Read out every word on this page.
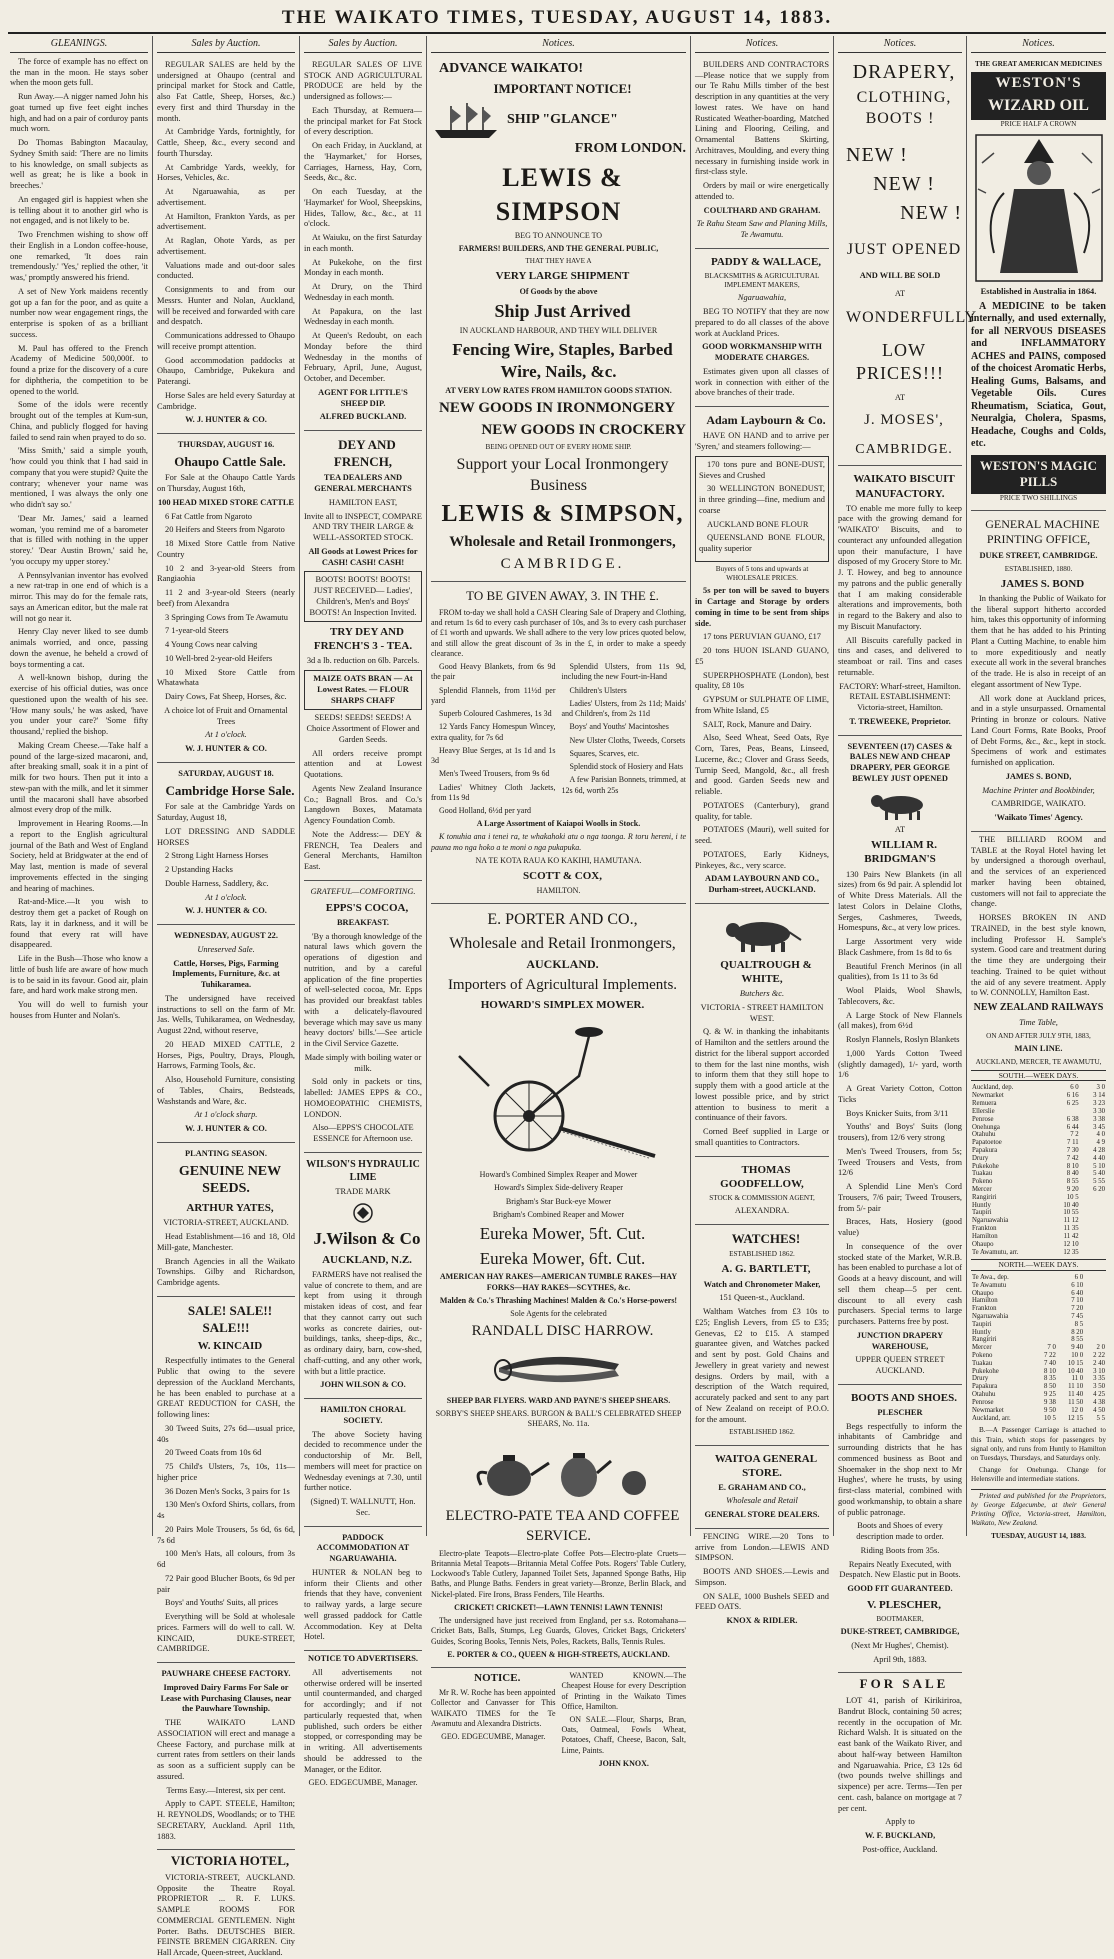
THE WAIKATO TIMES, TUESDAY, AUGUST 14, 1883.
GLEANINGS.

The force of example has no effect on the man in the moon. He stays sober when the moon gets full.

Run Away.—A nigger named John his goat turned up five feet eight inches high, and had on a pair of corduroy pants much worn.

Do Thomas Babington Macaulay, Sydney Smith said: 'There are no limits to his knowledge, on small subjects as well as great; he is like a book in breeches.'

An engaged girl is happiest when she is telling about it to another girl who is not engaged, and is not likely to be.

Two Frenchmen wishing to show off their English in a London coffee-house, one remarked, 'It does rain tremendously.' 'Yes,' replied the other, 'it was,' promptly answered his friend.

A set of New York maidens recently got up a fan for the poor, and as quite a number now wear engagement rings, the enterprise is spoken of as a brilliant success.

M. Paul has offered to the French Academy of Medicine 500,000f. to found a prize for the discovery of a cure for diphtheria, the competition to be opened to the world.

Some of the idols were recently brought out of the temples at Kum-sun, China, and publicly flogged for having failed to send rain when prayed to do so.

'Miss Smith,' said a simple youth, 'how could you think that I had said in company that you were stupid? Quite the contrary; whenever your name was mentioned, I was always the only one who didn't say so.'

'Dear Mr. James,' said a learned woman, 'you remind me of a barometer that is filled with nothing in the upper storey.' 'Dear Austin Brown,' said he, 'you occupy my upper storey.'

A Pennsylvanian inventor has evolved a new rat-trap in one end of which is a mirror. This may do for the female rats, says an American editor, but the male rat will not go near it.

Henry Clay never liked to see dumb animals worried, and once, passing down the avenue, he beheld a crowd of boys tormenting a cat.

A well-known bishop, during the exercise of his official duties, was once questioned upon the wealth of his see. 'How many souls,' he was asked, 'have you under your care?' 'Some fifty thousand,' replied the bishop.

Making Cream Cheese.—Take half a pound of the large-sized macaroni, and, after breaking small, soak it in a pint of milk for two hours. Then put it into a stew-pan with the milk, and let it simmer until the macaroni shall have absorbed almost every drop of the milk.

Improvement in Hearing Rooms.—In a report to the English agricultural journal of the Bath and West of England Society, held at Bridgwater at the end of May last, mention is made of several improvements effected in the singing and hearing of machines.

Rat-and-Mice.—It you wish to destroy them get a packet of Rough on Rats, lay it in darkness, and it will be found that every rat will have disappeared.

Life in the Bush—Those who know a little of bush life are aware of how much is to be said in its favour. Good air, plain fare, and hard work make strong men.

You will do well to furnish your houses from Hunter and Nolan's.

Sales by Auction.

REGULAR SALES are held by the undersigned at Ohaupo (central and principal market for Stock and Cattle, also Fat Cattle, Sheep, Horses, &c.) every first and third Thursday in the month.

At Cambridge Yards, fortnightly, for Cattle, Sheep, &c., every second and fourth Thursday.

At Cambridge Yards, weekly, for Horses, Vehicles, &c.

At Ngaruawahia, as per advertisement.

At Hamilton, Frankton Yards, as per advertisement.

At Raglan, Ohote Yards, as per advertisement.

Valuations made and out-door sales conducted.

Consignments to and from our Messrs. Hunter and Nolan, Auckland, will be received and forwarded with care and despatch.

Communications addressed to Ohaupo will receive prompt attention.

Good accommodation paddocks at Ohaupo, Cambridge, Pukekura and Paterangi.

Horse Sales are held every Saturday at Cambridge.

W. J. HUNTER & CO.

THURSDAY, AUGUST 16.

Ohaupo Cattle Sale.

For Sale at the Ohaupo Cattle Yards on Thursday, August 16th,

100 HEAD MIXED STORE CATTLE

6 Fat Cattle from Ngaroto

20 Heifers and Steers from Ngaroto

18 Mixed Store Cattle from Native Country

10 2 and 3-year-old Steers from Rangiaohia

11 2 and 3-year-old Steers (nearly beef) from Alexandra

3 Springing Cows from Te Awamutu

7 1-year-old Steers

4 Young Cows near calving

10 Well-bred 2-year-old Heifers

10 Mixed Store Cattle from Whatawhata

Dairy Cows, Fat Sheep, Horses, &c.

A choice lot of Fruit and Ornamental Trees

At 1 o'clock.

W. J. HUNTER & CO.

SATURDAY, AUGUST 18.

Cambridge Horse Sale.

For sale at the Cambridge Yards on Saturday, August 18,

LOT DRESSING AND SADDLE HORSES

2 Strong Light Harness Horses

2 Upstanding Hacks

Double Harness, Saddlery, &c.

At 1 o'clock.

W. J. HUNTER & CO.

WEDNESDAY, AUGUST 22.

Unreserved Sale.

Cattle, Horses, Pigs, Farming Implements, Furniture, &c. at Tuhikaramea.

The undersigned have received instructions to sell on the farm of Mr. Jas. Wells, Tuhikaramea, on Wednesday, August 22nd, without reserve,

20 HEAD MIXED CATTLE, 2 Horses, Pigs, Poultry, Drays, Plough, Harrows, Farming Tools, &c.

Also, Household Furniture, consisting of Tables, Chairs, Bedsteads, Washstands and Ware, &c.

At 1 o'clock sharp.

W. J. HUNTER & CO.

PLANTING SEASON.

GENUINE NEW SEEDS.

ARTHUR YATES,

VICTORIA-STREET, AUCKLAND.

Head Establishment—16 and 18, Old Mill-gate, Manchester.

Branch Agencies in all the Waikato Townships. Gilby and Richardson, Cambridge agents.

SALE! SALE!! SALE!!!

W. KINCAID

Respectfully intimates to the General Public that owing to the severe depression of the Auckland Merchants, he has been enabled to purchase at a GREAT REDUCTION for CASH, the following lines:

30 Tweed Suits, 27s 6d—usual price, 40s

20 Tweed Coats from 10s 6d

75 Child's Ulsters, 7s, 10s, 11s—higher price

36 Dozen Men's Socks, 3 pairs for 1s

130 Men's Oxford Shirts, collars, from 4s

20 Pairs Mole Trousers, 5s 6d, 6s 6d, 7s 6d

100 Men's Hats, all colours, from 3s 6d

72 Pair good Blucher Boots, 6s 9d per pair

Boys' and Youths' Suits, all prices

Everything will be Sold at wholesale prices. Farmers will do well to call. W. KINCAID, DUKE-STREET, CAMBRIDGE.

PAUWHARE CHEESE FACTORY.

Improved Dairy Farms For Sale or Lease with Purchasing Clauses, near the Pauwhare Township.

THE WAIKATO LAND ASSOCIATION will erect and manage a Cheese Factory, and purchase milk at current rates from settlers on their lands as soon as a sufficient supply can be assured.

Terms Easy.—Interest, six per cent.

Apply to CAPT. STEELE, Hamilton; H. REYNOLDS, Woodlands; or to THE SECRETARY, Auckland. April 11th, 1883.

VICTORIA HOTEL,

VICTORIA-STREET, AUCKLAND. Opposite the Theatre Royal. PROPRIETOR ... R. F. LUKS. SAMPLE ROOMS FOR COMMERCIAL GENTLEMEN. Night Porter. Baths. DEUTSCHES BIER. FEINSTE BREMEN CIGARREN. City Hall Arcade, Queen-street, Auckland.

Sales by Auction.

REGULAR SALES OF LIVE STOCK AND AGRICULTURAL PRODUCE are held by the undersigned as follows:—

Each Thursday, at Remuera—the principal market for Fat Stock of every description.

On each Friday, in Auckland, at the 'Haymarket,' for Horses, Carriages, Harness, Hay, Corn, Seeds, &c., &c.

On each Tuesday, at the 'Haymarket' for Wool, Sheepskins, Hides, Tallow, &c., &c., at 11 o'clock.

At Waiuku, on the first Saturday in each month.

At Pukekohe, on the first Monday in each month.

At Drury, on the Third Wednesday in each month.

At Papakura, on the last Wednesday in each month.

At Queen's Redoubt, on each Monday before the third Wednesday in the months of February, April, June, August, October, and December.

AGENT FOR LITTLE'S SHEEP DIP.

ALFRED BUCKLAND.

DEY AND FRENCH,

TEA DEALERS AND GENERAL MERCHANTS

HAMILTON EAST,

Invite all to INSPECT, COMPARE AND TRY THEIR LARGE & WELL-ASSORTED STOCK.

All Goods at Lowest Prices for CASH! CASH! CASH!

BOOTS! BOOTS! BOOTS! JUST RECEIVED— Ladies', Children's, Men's and Boys' BOOTS! An Inspection Invited.

TRY DEY AND FRENCH'S 3 - TEA.

3d a lb. reduction on 6lb. Parcels.

MAIZE OATS BRAN — At Lowest Rates. — FLOUR SHARPS CHAFF

SEEDS! SEEDS! SEEDS! A Choice Assortment of Flower and Garden Seeds.

All orders receive prompt attention and at Lowest Quotations.

Agents New Zealand Insurance Co.; Bagnall Bros. and Co.'s Langdown Boxes, Matamata Agency Foundation Comb.

Note the Address:— DEY & FRENCH, Tea Dealers and General Merchants, Hamilton East.

GRATEFUL—COMFORTING.

EPPS'S COCOA,

BREAKFAST.

'By a thorough knowledge of the natural laws which govern the operations of digestion and nutrition, and by a careful application of the fine properties of well-selected cocoa, Mr. Epps has provided our breakfast tables with a delicately-flavoured beverage which may save us many heavy doctors' bills.'—See article in the Civil Service Gazette.

Made simply with boiling water or milk.

Sold only in packets or tins, labelled: JAMES EPPS & CO., HOMOEOPATHIC CHEMISTS, LONDON.

Also—EPPS'S CHOCOLATE ESSENCE for Afternoon use.

WILSON'S HYDRAULIC LIME

TRADE MARK

J.Wilson & Co

AUCKLAND, N.Z.

FARMERS have not realised the value of concrete to them, and are kept from using it through mistaken ideas of cost, and fear that they cannot carry out such works as concrete dairies, out-buildings, tanks, sheep-dips, &c., as ordinary dairy, barn, cow-shed, chaff-cutting, and any other work, with but a little practice.

JOHN WILSON & CO.

HAMILTON CHORAL SOCIETY.

The above Society having decided to recommence under the conductorship of Mr. Bell, members will meet for practice on Wednesday evenings at 7.30, until further notice.

(Signed) T. WALLNUTT, Hon. Sec.

PADDOCK ACCOMMODATION AT NGARUAWAHIA.

HUNTER & NOLAN beg to inform their Clients and other friends that they have, convenient to railway yards, a large secure well grassed paddock for Cattle Accommodation. Key at Delta Hotel.

NOTICE TO ADVERTISERS.

All advertisements not otherwise ordered will be inserted until countermanded, and charged for accordingly; and if not particularly requested that, when published, such orders be either stopped, or corresponding may be in writing. All advertisements should be addressed to the Manager, or the Editor.

GEO. EDGECUMBE, Manager.

Notices.

ADVANCE WAIKATO!

IMPORTANT NOTICE!

SHIP "GLANCE"

FROM LONDON.

LEWIS & SIMPSON

BEG TO ANNOUNCE TO

FARMERS! BUILDERS, AND THE GENERAL PUBLIC,

THAT THEY HAVE A

VERY LARGE SHIPMENT

Of Goods by the above

Ship Just Arrived

IN AUCKLAND HARBOUR, AND THEY WILL DELIVER

Fencing Wire, Staples, Barbed Wire, Nails, &c.

AT VERY LOW RATES FROM HAMILTON GOODS STATION.

NEW GOODS IN IRONMONGERY

NEW GOODS IN CROCKERY

BEING OPENED OUT OF EVERY HOME SHIP.

Support your Local Ironmongery Business

LEWIS & SIMPSON,

Wholesale and Retail Ironmongers,

CAMBRIDGE.

TO BE GIVEN AWAY, 3. IN THE £.

FROM to-day we shall hold a CASH Clearing Sale of Drapery and Clothing, and return 1s 6d to every cash purchaser of 10s, and 3s to every cash purchaser of £1 worth and upwards. We shall adhere to the very low prices quoted below, and still allow the great discount of 3s in the £, in order to make a speedy clearance.

Good Heavy Blankets, from 6s 9d the pair

Splendid Flannels, from 11½d per yard

Superb Coloured Cashmeres, 1s 3d

12 Yards Fancy Homespun Wincey, extra quality, for 7s 6d

Heavy Blue Serges, at 1s 1d and 1s 3d

Men's Tweed Trousers, from 9s 6d

Ladies' Whitney Cloth Jackets, from 11s 9d

Good Holland, 6½d per yard

Splendid Ulsters, from 11s 9d, including the new Fourt-in-Hand

Children's Ulsters

Ladies' Ulsters, from 2s 11d; Maids' and Children's, from 2s 11d

Boys' and Youths' Macintoshes

New Ulster Cloths, Tweeds, Corsets

Squares, Scarves, etc.

Splendid stock of Hosiery and Hats

A few Parisian Bonnets, trimmed, at 12s 6d, worth 25s

A Large Assortment of Kaiapoi Woolls in Stock.

K tonuhia ana i tenei ra, te whakahoki atu o nga taonga. R toru hereni, i te pauna mo nga hoko a te moni o nga pukapuka.

NA TE KOTA RAUA KO KAKIHI, HAMUTANA.

SCOTT & COX,

HAMILTON.

E. PORTER AND CO.,

Wholesale and Retail Ironmongers,

AUCKLAND.

Importers of Agricultural Implements.

HOWARD'S SIMPLEX MOWER.

Howard's Combined Simplex Reaper and Mower

Howard's Simplex Side-delivery Reaper

Brigham's Star Buck-eye Mower

Brigham's Combined Reaper and Mower

Eureka Mower, 5ft. Cut.

Eureka Mower, 6ft. Cut.

AMERICAN HAY RAKES—AMERICAN TUMBLE RAKES—HAY FORKS—HAY RAKES—SCYTHES, &c.

Malden & Co.'s Thrashing Machines! Malden & Co.'s Horse-powers!

Sole Agents for the celebrated

RANDALL DISC HARROW.

SHEEP BAR FLYERS. WARD AND PAYNE'S SHEEP SHEARS.

SORBY'S SHEEP SHEARS. BURGON & BALL'S CELEBRATED SHEEP SHEARS, No. 11a.

ELECTRO-PATE TEA AND COFFEE SERVICE.

Electro-plate Teapots—Electro-plate Coffee Pots—Electro-plate Cruets—Britannia Metal Teapots—Britannia Metal Coffee Pots. Rogers' Table Cutlery, Lockwood's Table Cutlery, Japanned Toilet Sets, Japanned Sponge Baths, Hip Baths, and Plunge Baths. Fenders in great variety—Bronze, Berlin Black, and Nickel-plated. Fire Irons, Brass Fenders, Tile Hearths.

CRICKET! CRICKET!—LAWN TENNIS! LAWN TENNIS!

The undersigned have just received from England, per s.s. Rotomahana—Cricket Bats, Balls, Stumps, Leg Guards, Gloves, Cricket Bags, Cricketers' Guides, Scoring Books, Tennis Nets, Poles, Rackets, Balls, Tennis Rules.

E. PORTER & CO., QUEEN & HIGH-STREETS, AUCKLAND.

NOTICE.

Mr R. W. Roche has been appointed Collector and Canvasser for This WAIKATO TIMES for the Te Awamutu and Alexandra Districts.

GEO. EDGECUMBE, Manager.

WANTED KNOWN.—The Cheapest House for every Description of Printing in the Waikato Times Office, Hamilton.

ON SALE.—Flour, Sharps, Bran, Oats, Oatmeal, Fowls Wheat, Potatoes, Chaff, Cheese, Bacon, Salt, Lime, Paints.

JOHN KNOX.

Notices.

BUILDERS AND CONTRACTORS—Please notice that we supply from our Te Rahu Mills timber of the best description in any quantities at the very lowest rates. We have on hand Rusticated Weather-boarding, Matched Lining and Flooring, Ceiling, and Ornamental Battens Skirting, Architraves, Moulding, and every thing necessary in furnishing inside work in first-class style.

Orders by mail or wire energetically attended to.

COULTHARD AND GRAHAM.

Te Rahu Steam Saw and Planing Mills, Te Awamutu.

PADDY & WALLACE,

BLACKSMITHS & AGRICULTURAL IMPLEMENT MAKERS,

Ngaruawahia,

BEG TO NOTIFY that they are now prepared to do all classes of the above work at Auckland Prices.

GOOD WORKMANSHIP WITH MODERATE CHARGES.

Estimates given upon all classes of work in connection with either of the above branches of their trade.

Adam Laybourn & Co.

HAVE ON HAND and to arrive per 'Syren,' and steamers following:—

170 tons pure and BONE-DUST, Sieves and Crushed

30 WELLINGTON BONEDUST, in three grinding—fine, medium and coarse

AUCKLAND BONE FLOUR

QUEENSLAND BONE FLOUR, quality superior

Buyers of 5 tons and upwards at WHOLESALE PRICES.

5s per ton will be saved to buyers in Cartage and Storage by orders coming in time to be sent from ships side.

17 tons PERUVIAN GUANO, £17

20 tons HUON ISLAND GUANO, £5

SUPERPHOSPHATE (London), best quality, £8 10s

GYPSUM or SULPHATE OF LIME, from White Island, £5

SALT, Rock, Manure and Dairy.

Also, Seed Wheat, Seed Oats, Rye Corn, Tares, Peas, Beans, Linseed, Lucerne, &c.; Clover and Grass Seeds, Turnip Seed, Mangold, &c., all fresh and good. Garden Seeds new and reliable.

POTATOES (Canterbury), grand quality, for table.

POTATOES (Mauri), well suited for seed.

POTATOES, Early Kidneys, Pinkeyes, &c., very scarce.

ADAM LAYBOURN AND CO., Durham-street, AUCKLAND.

QUALTROUGH & WHITE,

Butchers &c.

VICTORIA - STREET HAMILTON WEST.

Q. & W. in thanking the inhabitants of Hamilton and the settlers around the district for the liberal support accorded to them for the last nine months, wish to inform them that they still hope to supply them with a good article at the lowest possible price, and by strict attention to business to merit a continuance of their favors.

Corned Beef supplied in Large or small quantities to Contractors.

THOMAS GOODFELLOW,

STOCK & COMMISSION AGENT,

ALEXANDRA.

WATCHES!

ESTABLISHED 1862.

A. G. BARTLETT,

Watch and Chronometer Maker,

151 Queen-st., Auckland.

Waltham Watches from £3 10s to £25; English Levers, from £5 to £35; Genevas, £2 to £15. A stamped guarantee given, and Watches packed and sent by post. Gold Chains and Jewellery in great variety and newest designs. Orders by mail, with a description of the Watch required, accurately packed and sent to any part of New Zealand on receipt of P.O.O. for the amount.

ESTABLISHED 1862.

WAITOA GENERAL STORE.

E. GRAHAM AND CO.,

Wholesale and Retail

GENERAL STORE DEALERS.

FENCING WIRE.—20 Tons to arrive from London.—LEWIS AND SIMPSON.

BOOTS AND SHOES.—Lewis and Simpson.

ON SALE, 1000 Bushels SEED and FEED OATS.

KNOX & RIDLER.

Notices.

DRAPERY,

CLOTHING, BOOTS !

NEW !

NEW !

NEW !

JUST OPENED

AND WILL BE SOLD

AT

WONDERFULLY

LOW PRICES!!!

AT

J. MOSES',

CAMBRIDGE.

WAIKATO BISCUIT MANUFACTORY.

TO enable me more fully to keep pace with the growing demand for 'WAIKATO' Biscuits, and to counteract any unfounded allegation upon their manufacture, I have disposed of my Grocery Store to Mr. J. T. Howey, and beg to announce my patrons and the public generally that I am making considerable alterations and improvements, both in regard to the Bakery and also to my Biscuit Manufactory.

All Biscuits carefully packed in tins and cases, and delivered to steamboat or rail. Tins and cases returnable.

FACTORY: Wharf-street, Hamilton. RETAIL ESTABLISHMENT: Victoria-street, Hamilton.

T. TREWEEKE, Proprietor.

SEVENTEEN (17) CASES & BALES NEW AND CHEAP DRAPERY, PER GEORGE BEWLEY JUST OPENED

AT

WILLIAM R. BRIDGMAN'S

130 Pairs New Blankets (in all sizes) from 6s 9d pair. A splendid lot of White Dress Materials. All the latest Colors in Delaine Cloths, Serges, Cashmeres, Tweeds, Homespuns, &c., at very low prices.

Large Assortment very wide Black Cashmere, from 1s 8d to 6s

Beautiful French Merinos (in all qualities), from 1s 11 to 3s 6d

Wool Plaids, Wool Shawls, Tablecovers, &c.

A Large Stock of New Flannels (all makes), from 6½d

Roslyn Flannels, Roslyn Blankets

1,000 Yards Cotton Tweed (slightly damaged), 1/- yard, worth 1/6

A Great Variety Cotton, Cotton Ticks

Boys Knicker Suits, from 3/11

Youths' and Boys' Suits (long trousers), from 12/6 very strong

Men's Tweed Trousers, from 5s; Tweed Trousers and Vests, from 12/6

A Splendid Line Men's Cord Trousers, 7/6 pair; Tweed Trousers, from 5/- pair

Braces, Hats, Hosiery (good value)

In consequence of the over stocked state of the Market, W.R.B. has been enabled to purchase a lot of Goods at a heavy discount, and will sell them cheap—5 per cent. discount to all every cash purchasers. Special terms to large purchasers. Patterns free by post.

JUNCTION DRAPERY WAREHOUSE,

UPPER QUEEN STREET AUCKLAND.

BOOTS AND SHOES.

PLESCHER

Begs respectfully to inform the inhabitants of Cambridge and surrounding districts that he has commenced business as Boot and Shoemaker in the shop next to Mr Hughes', where he trusts, by using first-class material, combined with good workmanship, to obtain a share of public patronage.

Boots and Shoes of every description made to order.

Riding Boots from 35s.

Repairs Neatly Executed, with Despatch. New Elastic put in Boots.

GOOD FIT GUARANTEED.

V. PLESCHER,

BOOTMAKER,

DUKE-STREET, CAMBRIDGE,

(Next Mr Hughes', Chemist).

April 9th, 1883.

FOR SALE

LOT 41, parish of Kirikiriroa, Bandrut Block, containing 50 acres; recently in the occupation of Mr. Richard Walsh. It is situated on the east bank of the Waikato River, and about half-way between Hamilton and Ngaruawahia. Price, £3 12s 6d (two pounds twelve shillings and sixpence) per acre. Terms—Ten per cent. cash, balance on mortgage at 7 per cent.

Apply to

W. F. BUCKLAND,

Post-office, Auckland.

Notices.

THE GREAT AMERICAN MEDICINES

WESTON'S
WIZARD OIL

PRICE HALF A CROWN

Established in Australia in 1864.

A MEDICINE to be taken internally, and used externally, for all NERVOUS DISEASES and INFLAMMATORY ACHES and PAINS, composed of the choicest Aromatic Herbs, Healing Gums, Balsams, and Vegetable Oils. Cures Rheumatism, Sciatica, Gout, Neuralgia, Cholera, Spasms, Headache, Coughs and Colds, etc.

WESTON'S MAGIC PILLS

PRICE TWO SHILLINGS

GENERAL MACHINE PRINTING OFFICE,

DUKE STREET, CAMBRIDGE.

ESTABLISHED, 1880.

JAMES S. BOND

In thanking the Public of Waikato for the liberal support hitherto accorded him, takes this opportunity of informing them that he has added to his Printing Plant a Cutting Machine, to enable him to more expeditiously and neatly execute all work in the several branches of the trade. He is also in receipt of an elegant assortment of New Type.

All work done at Auckland prices, and in a style unsurpassed. Ornamental Printing in bronze or colours. Native Land Court Forms, Rate Books, Proof of Debt Forms, &c., &c., kept in stock. Specimens of work and estimates furnished on application.

JAMES S. BOND,

Machine Printer and Bookbinder,

CAMBRIDGE, WAIKATO.

'Waikato Times' Agency.

THE BILLIARD ROOM and TABLE at the Royal Hotel having let by undersigned a thorough overhaul, and the services of an experienced marker having been obtained, customers will not fail to appreciate the change.

HORSES BROKEN IN AND TRAINED, in the best style known, including Professor H. Sample's system. Good care and treatment during the time they are undergoing their teaching. Trained to be quiet without the aid of any severe treatment. Apply to W. CONNOLLY, Hamilton East.

NEW ZEALAND RAILWAYS

Time Table,

ON AND AFTER JULY 9TH, 1883,

MAIN LINE.

AUCKLAND, MERCER, TE AWAMUTU,

SOUTH.—WEEK DAYS.
Auckland, dep.	6 0		3 0
Newmarket	6 16		3 14
Remuera	6 25		3 23
Ellerslie			3 30
Penrose	6 38		3 38
Onehunga	6 44		3 45
Otahuhu	7 2		4 0
Papatoetoe	7 11		4 9
Papakura	7 30		4 28
Drury	7 42		4 40
Pukekohe	8 10		5 10
Tuakau	8 40		5 40
Pokeno	8 55		5 55
Mercer	9 20		6 20
Rangiriri	10 5		
Huntly	10 40		
Taupiri	10 55		
Ngaruawahia	11 12		
Frankton	11 35		
Hamilton	11 42		
Ohaupo	12 10		
Te Awamutu, arr.	12 35		
NORTH.—WEEK DAYS.
Te Awa., dep.		6 0	
Te Awamutu		6 10	
Ohaupo		6 40	
Hamilton		7 10	
Frankton		7 20	
Ngaruawahia		7 45	
Taupiri		8 5	
Huntly		8 20	
Rangiriri		8 55	
Mercer	7 0	9 40	2 0
Pokeno	7 22	10 0	2 22
Tuakau	7 40	10 15	2 40
Pukekohe	8 10	10 40	3 10
Drury	8 35	11 0	3 35
Papakura	8 50	11 10	3 50
Otahuhu	9 25	11 40	4 25
Penrose	9 38	11 50	4 38
Newmarket	9 50	12 0	4 50
Auckland, arr.	10 5	12 15	5 5

B.—A Passenger Carriage is attached to this Train, which stops for passengers by signal only, and runs from Huntly to Hamilton on Tuesdays, Thursdays, and Saturdays only.

Change for Onehunga. Change for Helensville and intermediate stations.

Printed and published for the Proprietors, by George Edgecumbe, at their General Printing Office, Victoria-street, Hamilton, Waikato, New Zealand.

TUESDAY, AUGUST 14, 1883.
